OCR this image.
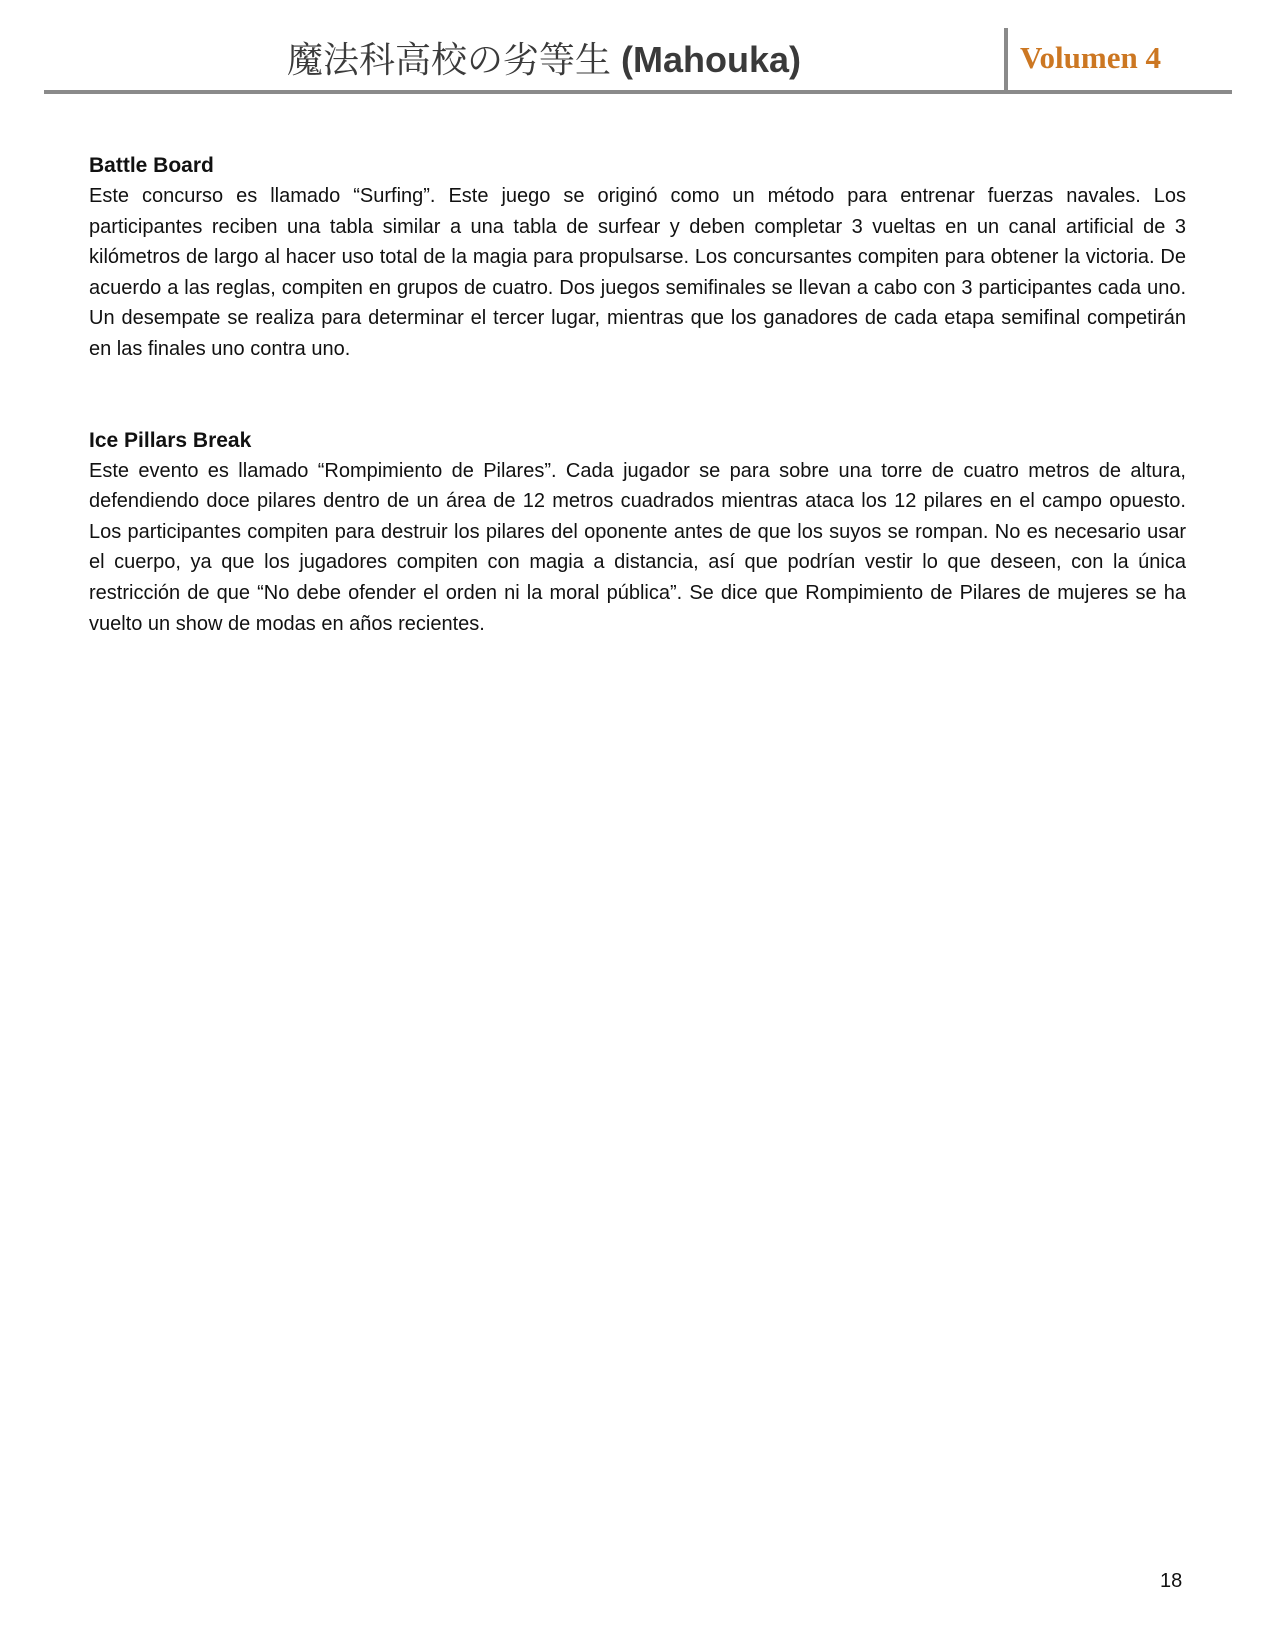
魔法科高校の劣等生 (Mahouka)	Volumen 4

Battle Board

Este concurso es llamado “Surfing”. Este juego se originó como un método para entrenar fuerzas navales. Los participantes reciben una tabla similar a una tabla de surfear y deben completar 3 vueltas en un canal artificial de 3 kilómetros de largo al hacer uso total de la magia para propulsarse. Los concursantes compiten para obtener la victoria. De acuerdo a las reglas, compiten en grupos de cuatro. Dos juegos semifinales se llevan a cabo con 3 participantes cada uno. Un desempate se realiza para determinar el tercer lugar, mientras que los ganadores de cada etapa semifinal competirán en las finales uno contra uno.

Ice Pillars Break

Este evento es llamado “Rompimiento de Pilares”. Cada jugador se para sobre una torre de cuatro metros de altura, defendiendo doce pilares dentro de un área de 12 metros cuadrados mientras ataca los 12 pilares en el campo opuesto. Los participantes compiten para destruir los pilares del oponente antes de que los suyos se rompan. No es necesario usar el cuerpo, ya que los jugadores compiten con magia a distancia, así que podrían vestir lo que deseen, con la única restricción de que “No debe ofender el orden ni la moral pública”. Se dice que Rompimiento de Pilares de mujeres se ha vuelto un show de modas en años recientes.

18
